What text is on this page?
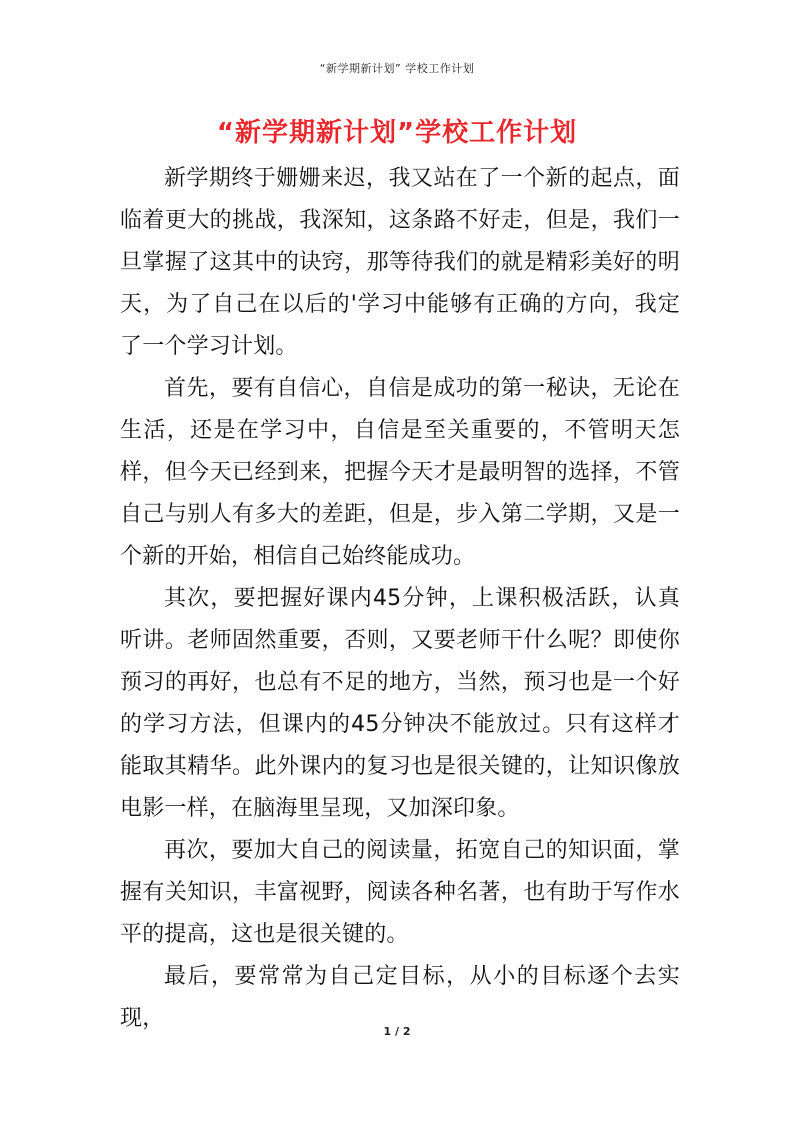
“新学期新计划” 学校工作计划
“新学期新计划”学校工作计划

新学期终于姗姗来迟，我又站在了一个新的起点，面临着更大的挑战，我深知，这条路不好走，但是，我们一旦掌握了这其中的诀窍，那等待我们的就是精彩美好的明天，为了自己在以后的'学习中能够有正确的方向，我定了一个学习计划。

首先，要有自信心，自信是成功的第一秘诀，无论在生活，还是在学习中，自信是至关重要的，不管明天怎样，但今天已经到来，把握今天才是最明智的选择，不管自己与别人有多大的差距，但是，步入第二学期，又是一个新的开始，相信自己始终能成功。

其次，要把握好课内45分钟，上课积极活跃，认真听讲。老师固然重要，否则，又要老师干什么呢？即使你预习的再好，也总有不足的地方，当然，预习也是一个好的学习方法，但课内的45分钟决不能放过。只有这样才能取其精华。此外课内的复习也是很关键的，让知识像放电影一样，在脑海里呈现，又加深印象。

再次，要加大自己的阅读量，拓宽自己的知识面，掌握有关知识，丰富视野，阅读各种名著，也有助于写作水平的提高，这也是很关键的。

最后，要常常为自己定目标，从小的目标逐个去实现，

1 / 2
